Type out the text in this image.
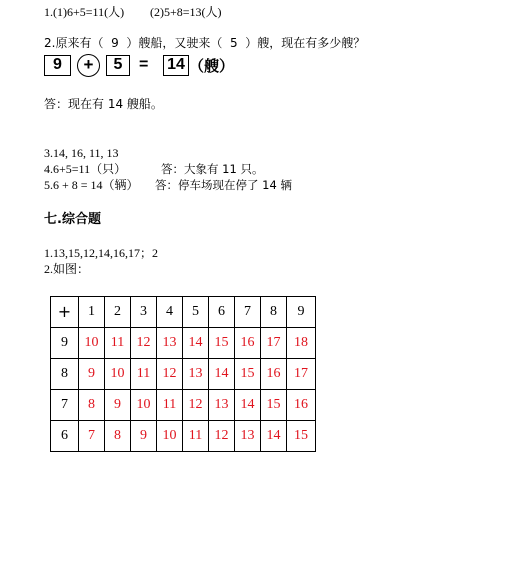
1.(1)6+5=11(人) (2)5+8=13(人)
2.原来有（  9  ）艘船，又驶来（  5  ）艘，现在有多少艘？
9	+	5	= 14 （艘）
答：现在有 14 艘船。
3.14, 16, 11, 13
4.6+5=11（只）	答：大象有 11 只。
5.6 + 8 = 14（辆） 答：停车场现在停了 14 辆
七.综合题
1.13,15,12,14,16,17；2
2.如图：
+	1	2	3	4	5	6	7	8	9
9	10	11	12	13	14	15	16	17	18
8	9	10	11	12	13	14	15	16	17
7	8	9	10	11	12	13	14	15	16
6	7	8	9	10	11	12	13	14	15
